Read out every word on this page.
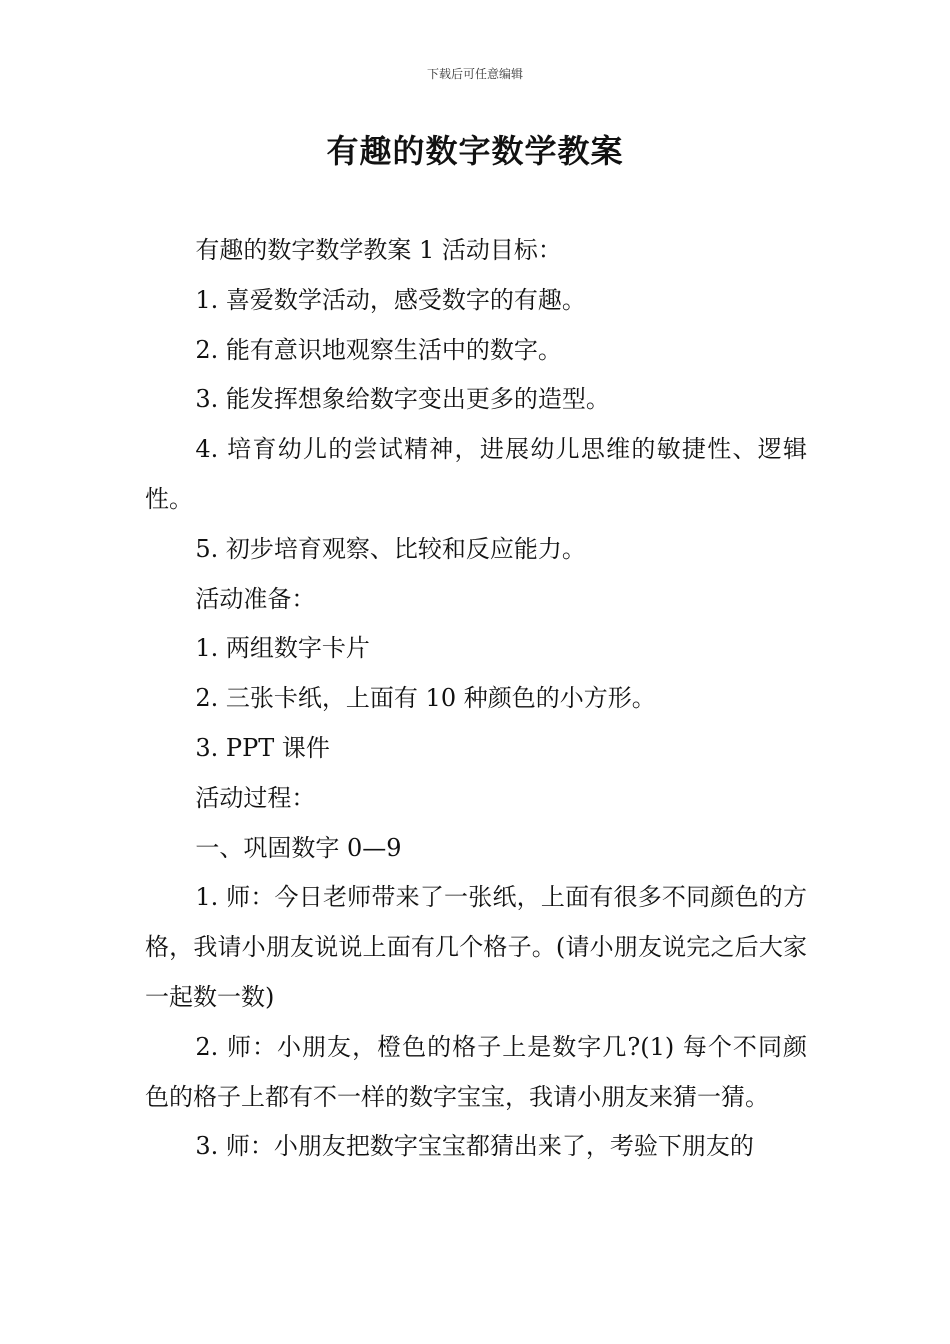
下载后可任意编辑
有趣的数字数学教案

有趣的数字数学教案 1 活动目标：

1. 喜爱数学活动，感受数字的有趣。

2. 能有意识地观察生活中的数字。

3. 能发挥想象给数字变出更多的造型。

4. 培育幼儿的尝试精神，进展幼儿思维的敏捷性、逻辑性。

5. 初步培育观察、比较和反应能力。

活动准备：

1. 两组数字卡片

2. 三张卡纸，上面有 10 种颜色的小方形。

3. PPT 课件

活动过程：

一、巩固数字 0—9

1. 师：今日老师带来了一张纸，上面有很多不同颜色的方格，我请小朋友说说上面有几个格子。(请小朋友说完之后大家一起数一数)

2. 师：小朋友，橙色的格子上是数字几?(1) 每个不同颜色的格子上都有不一样的数字宝宝，我请小朋友来猜一猜。

3. 师：小朋友把数字宝宝都猜出来了，考验下朋友的
